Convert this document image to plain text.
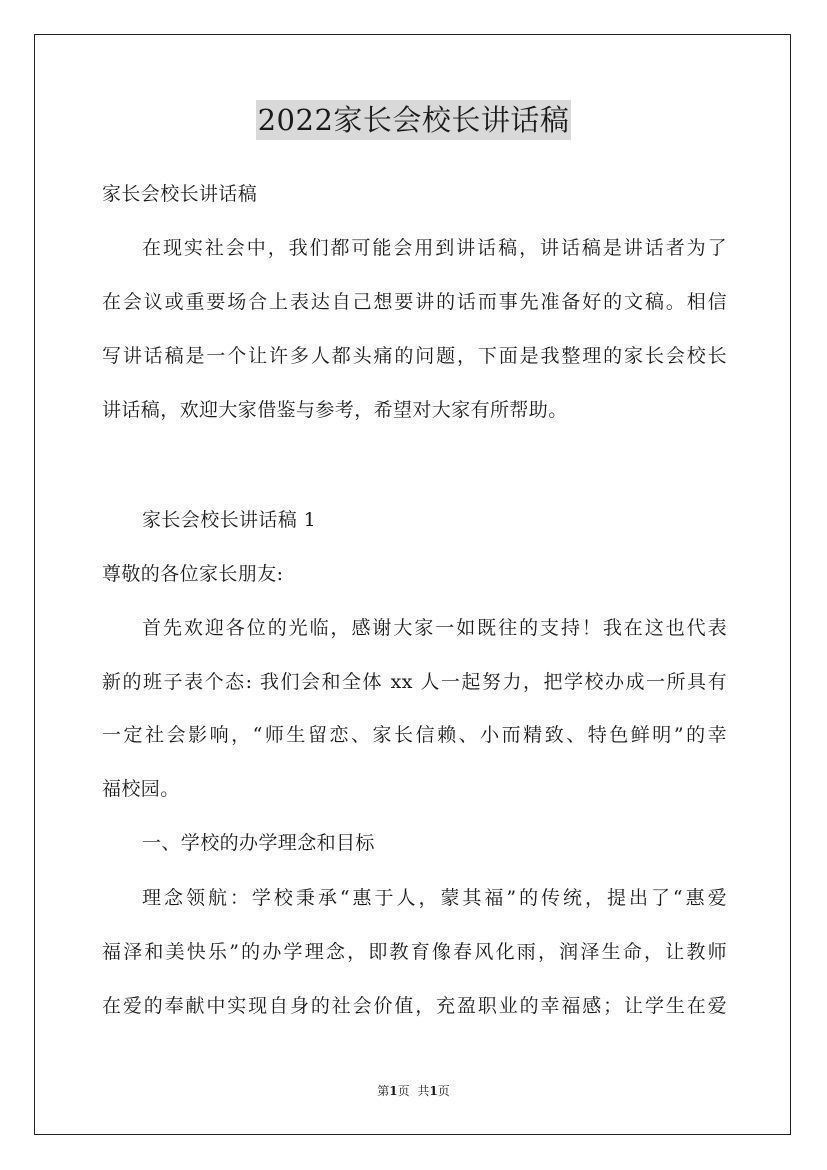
2022家长会校长讲话稿
家长会校长讲话稿
在现实社会中，我们都可能会用到讲话稿，讲话稿是讲话者为了
在会议或重要场合上表达自己想要讲的话而事先准备好的文稿。相信
写讲话稿是一个让许多人都头痛的问题，下面是我整理的家长会校长
讲话稿，欢迎大家借鉴与参考，希望对大家有所帮助。
家长会校长讲话稿 1
尊敬的各位家长朋友:
首先欢迎各位的光临，感谢大家一如既往的支持！我在这也代表
新的班子表个态: 我们会和全体 xx 人一起努力，把学校办成一所具有
一定社会影响，“师生留恋、家长信赖、小而精致、特色鲜明”的幸
福校园。
一、学校的办学理念和目标
理念领航：学校秉承“惠于人，蒙其福”的传统，提出了“惠爱
福泽和美快乐”的办学理念，即教育像春风化雨，润泽生命，让教师
在爱的奉献中实现自身的社会价值，充盈职业的幸福感；让学生在爱
第1页 共1页
